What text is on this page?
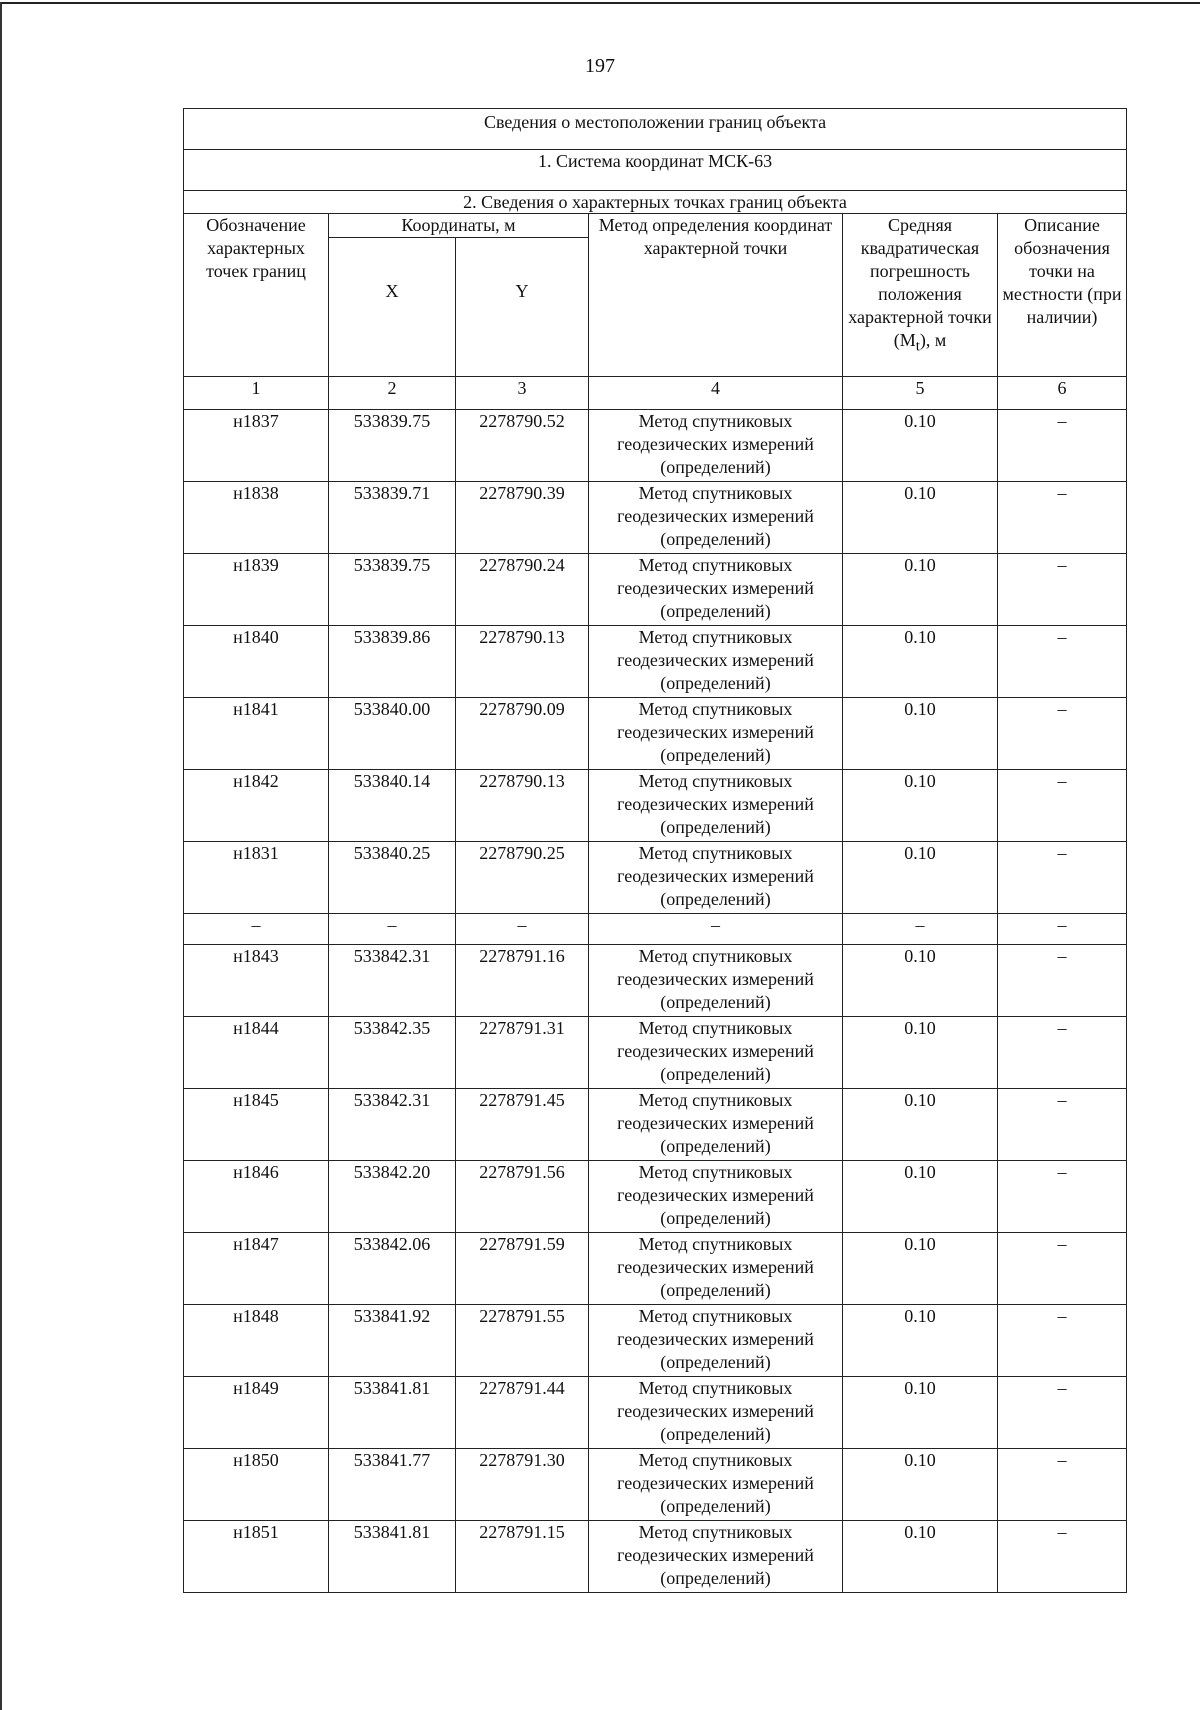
197
Сведения о местоположении границ объекта					
1. Система координат МСК-63					
2. Сведения о характерных точках границ объекта					
Обозначение характерных точек границ	Координаты, м		Метод определения координат характерной точки	Средняя квадратическая погрешность положения характерной точки $(M_t)$, м	Описание обозначения точки на местности (при наличии)

	X	Y			

1	2	3	4	5	6
н1837	533839.75	2278790.52	Метод спутниковых геодезических измерений (определений)	0.10	–
н1838	533839.71	2278790.39	Метод спутниковых геодезических измерений (определений)	0.10	–
н1839	533839.75	2278790.24	Метод спутниковых геодезических измерений (определений)	0.10	–
н1840	533839.86	2278790.13	Метод спутниковых геодезических измерений (определений)	0.10	–
н1841	533840.00	2278790.09	Метод спутниковых геодезических измерений (определений)	0.10	–
н1842	533840.14	2278790.13	Метод спутниковых геодезических измерений (определений)	0.10	–
н1831	533840.25	2278790.25	Метод спутниковых геодезических измерений (определений)	0.10	–
–	–	–	–	–	–
н1843	533842.31	2278791.16	Метод спутниковых геодезических измерений (определений)	0.10	–
н1844	533842.35	2278791.31	Метод спутниковых геодезических измерений (определений)	0.10	–
н1845	533842.31	2278791.45	Метод спутниковых геодезических измерений (определений)	0.10	–
н1846	533842.20	2278791.56	Метод спутниковых геодезических измерений (определений)	0.10	–
н1847	533842.06	2278791.59	Метод спутниковых геодезических измерений (определений)	0.10	–
н1848	533841.92	2278791.55	Метод спутниковых геодезических измерений (определений)	0.10	–
н1849	533841.81	2278791.44	Метод спутниковых геодезических измерений (определений)	0.10	–
н1850	533841.77	2278791.30	Метод спутниковых геодезических измерений (определений)	0.10	–
н1851	533841.81	2278791.15	Метод спутниковых геодезических измерений (определений)	0.10	–
